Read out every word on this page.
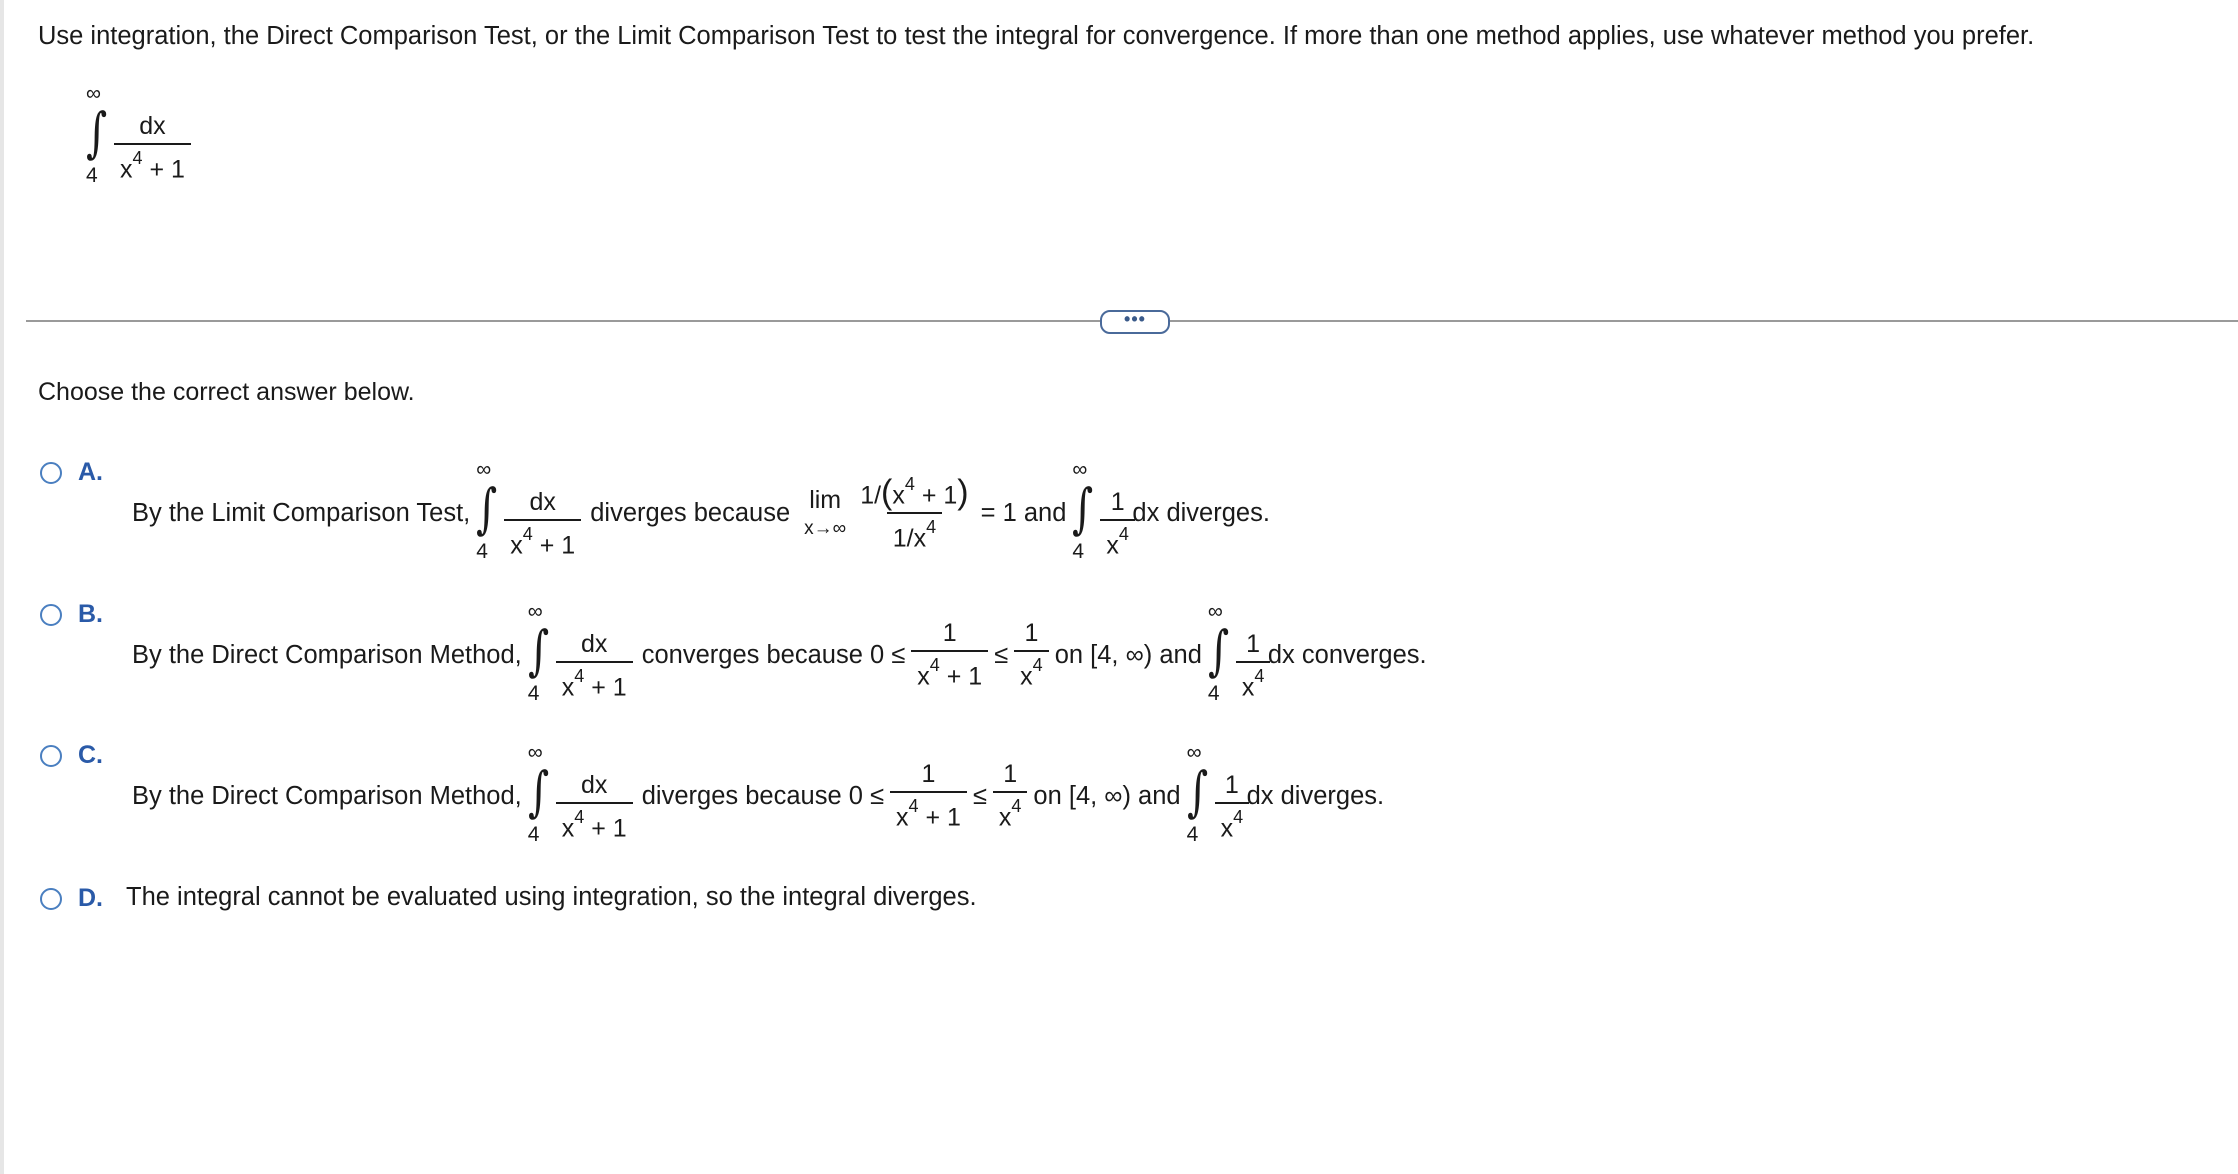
Use integration, the Direct Comparison Test, or the Limit Comparison Test to test the integral for convergence. If more than one method applies, use whatever method you prefer.
∞
∫
$4 \frac{dx}{x^4 + 1}$
•••
Choose the correct answer below.
A.
By the Limit Comparison Test,
∞
∫
$4 \frac{dx}{x^4 + 1}$ diverges because lim
$x\to\infty \frac{1/(x^4 + 1)}{1/x^4} = 1$ and
∞
∫
$4 \frac{1}{x^4}$
dx diverges.
B.
By the Direct Comparison Method,
∞
∫
$4 \frac{dx}{x^4 + 1}$ converges because $0 \le \frac{1}{x^4 + 1} \le \frac{1}{x^4}$ on [4, ∞) and
∞
∫
$4 \frac{1}{x^4}$
dx converges.
C.
By the Direct Comparison Method,
∞
∫
$4 \frac{dx}{x^4 + 1}$ diverges because $0 \le \frac{1}{x^4 + 1} \le \frac{1}{x^4}$ on [4, ∞) and
∞
∫
$4 \frac{1}{x^4}$
dx diverges.
D. The integral cannot be evaluated using integration, so the integral diverges.
